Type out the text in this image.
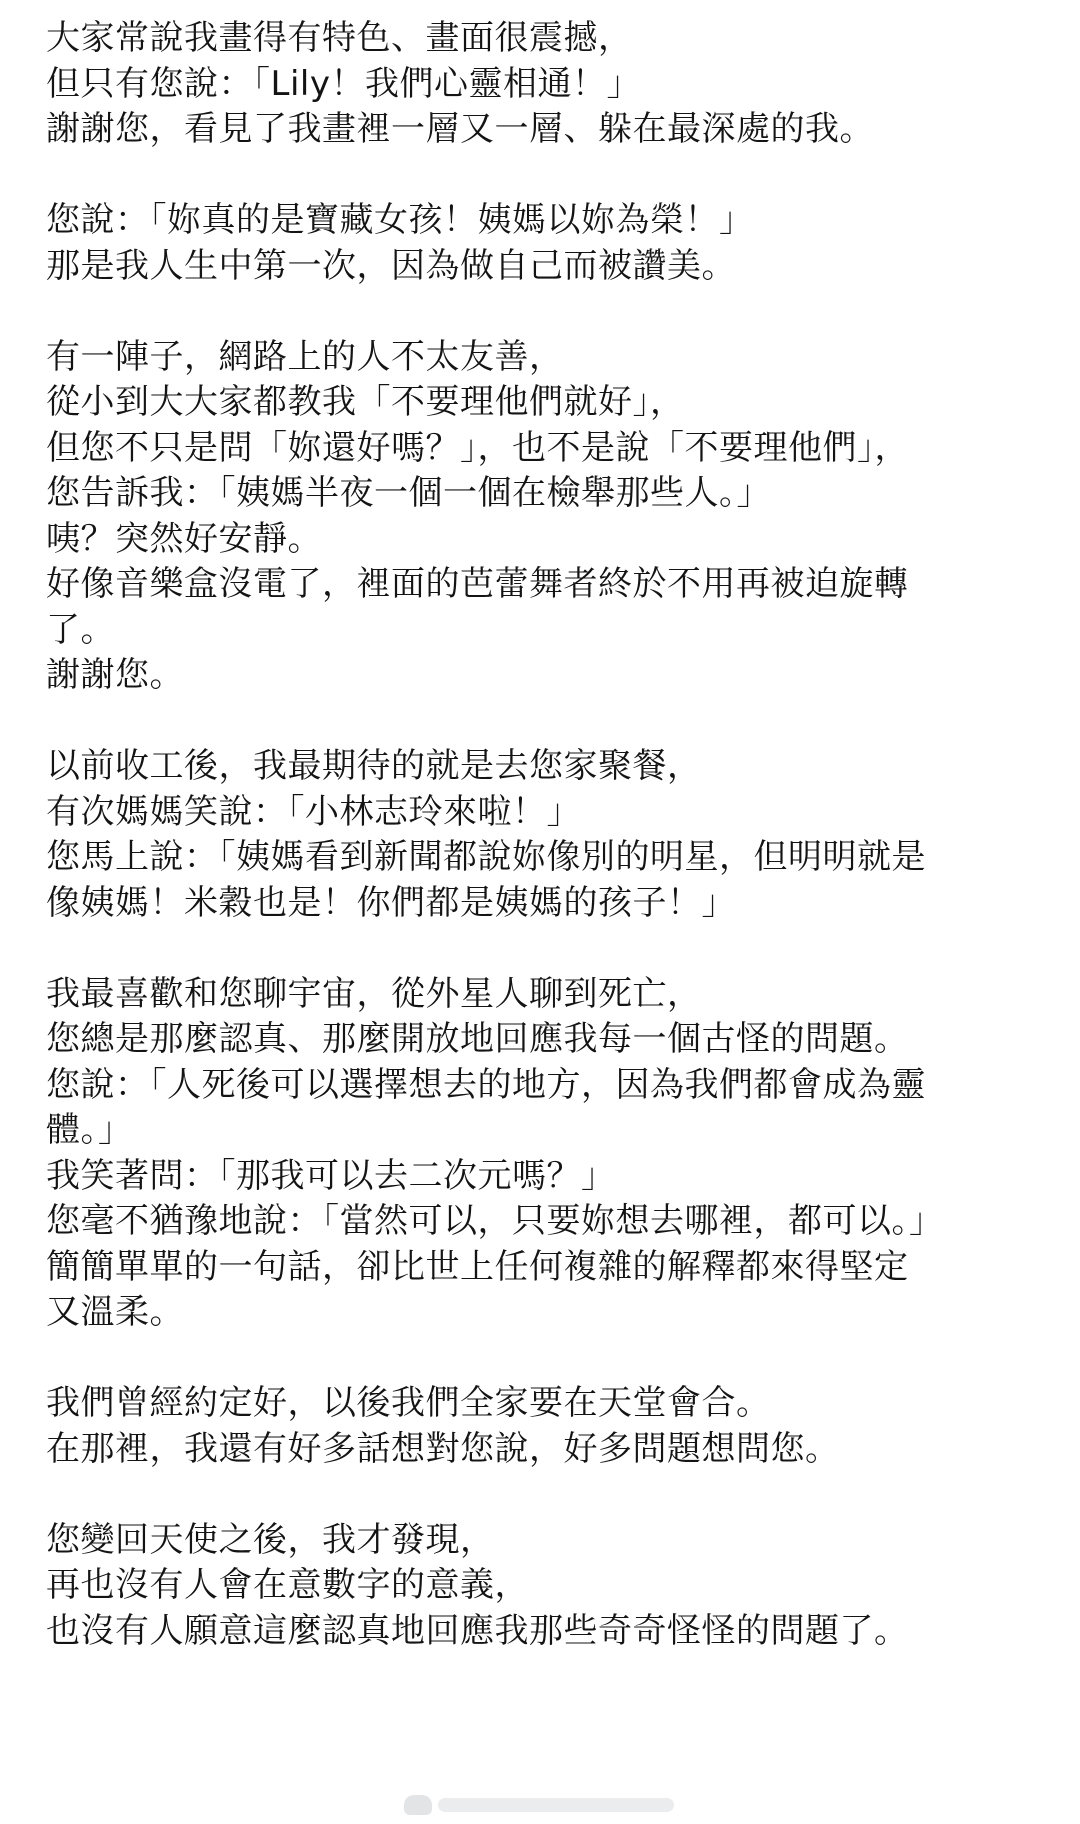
大家常說我畫得有特色、畫面很震撼，

但只有您說：「Lily！我們心靈相通！」

謝謝您，看見了我畫裡一層又一層、躲在最深處的我。

您說：「妳真的是寶藏女孩！姨媽以妳為榮！」

那是我人生中第一次，因為做自己而被讚美。

有一陣子，網路上的人不太友善，

從小到大大家都教我「不要理他們就好」，

但您不只是問「妳還好嗎？」，也不是說「不要理他們」，

您告訴我：「姨媽半夜一個一個在檢舉那些人。」

咦？突然好安靜。

好像音樂盒沒電了，裡面的芭蕾舞者終於不用再被迫旋轉

了。

謝謝您。

以前收工後，我最期待的就是去您家聚餐，

有次媽媽笑說：「小林志玲來啦！」

您馬上說：「姨媽看到新聞都說妳像別的明星，但明明就是

像姨媽！米穀也是！你們都是姨媽的孩子！」

我最喜歡和您聊宇宙，從外星人聊到死亡，

您總是那麼認真、那麼開放地回應我每一個古怪的問題。

您說：「人死後可以選擇想去的地方，因為我們都會成為靈

體。」

我笑著問：「那我可以去二次元嗎？」

您毫不猶豫地說：「當然可以，只要妳想去哪裡，都可以。」

簡簡單單的一句話，卻比世上任何複雜的解釋都來得堅定

又溫柔。

我們曾經約定好，以後我們全家要在天堂會合。

在那裡，我還有好多話想對您說，好多問題想問您。

您變回天使之後，我才發現，

再也沒有人會在意數字的意義，

也沒有人願意這麼認真地回應我那些奇奇怪怪的問題了。
